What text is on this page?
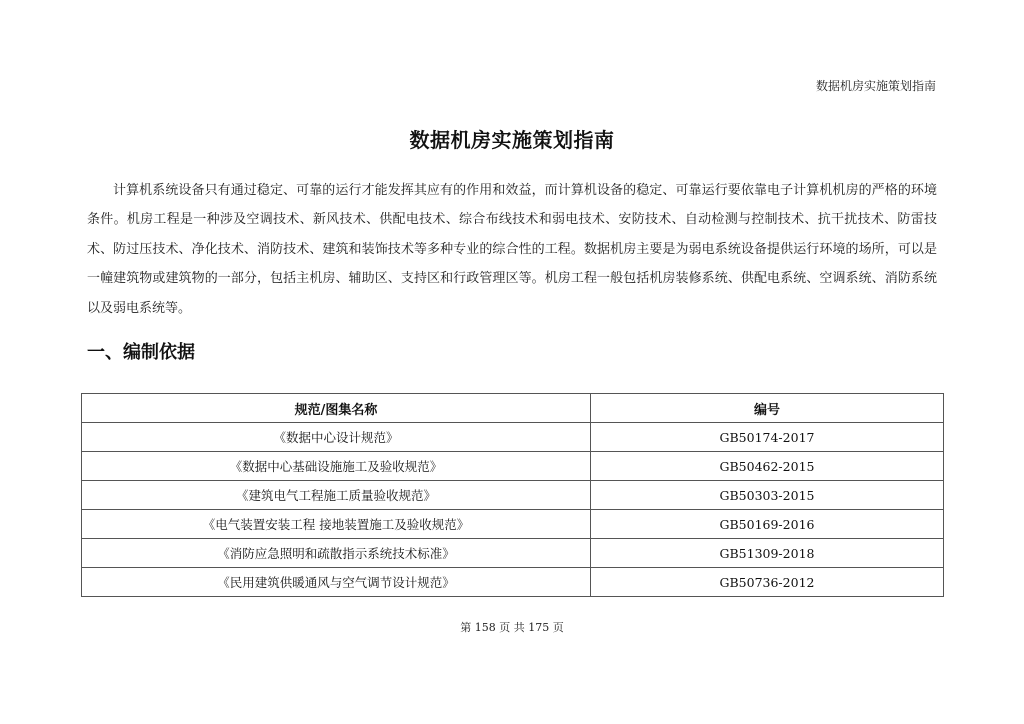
数据机房实施策划指南
数据机房实施策划指南

计算机系统设备只有通过稳定、可靠的运行才能发挥其应有的作用和效益，而计算机设备的稳定、可靠运行要依靠电子计算机机房的严格的环境条件。机房工程是一种涉及空调技术、新风技术、供配电技术、综合布线技术和弱电技术、安防技术、自动检测与控制技术、抗干扰技术、防雷技术、防过压技术、净化技术、消防技术、建筑和装饰技术等多种专业的综合性的工程。数据机房主要是为弱电系统设备提供运行环境的场所，可以是一幢建筑物或建筑物的一部分，包括主机房、辅助区、支持区和行政管理区等。机房工程一般包括机房装修系统、供配电系统、空调系统、消防系统以及弱电系统等。

一、编制依据
规范/图集名称	编号
《数据中心设计规范》	GB50174-2017
《数据中心基础设施施工及验收规范》	GB50462-2015
《建筑电气工程施工质量验收规范》	GB50303-2015
《电气装置安装工程 接地装置施工及验收规范》	GB50169-2016
《消防应急照明和疏散指示系统技术标准》	GB51309-2018
《民用建筑供暖通风与空气调节设计规范》	GB50736-2012
第 158 页 共 175 页
